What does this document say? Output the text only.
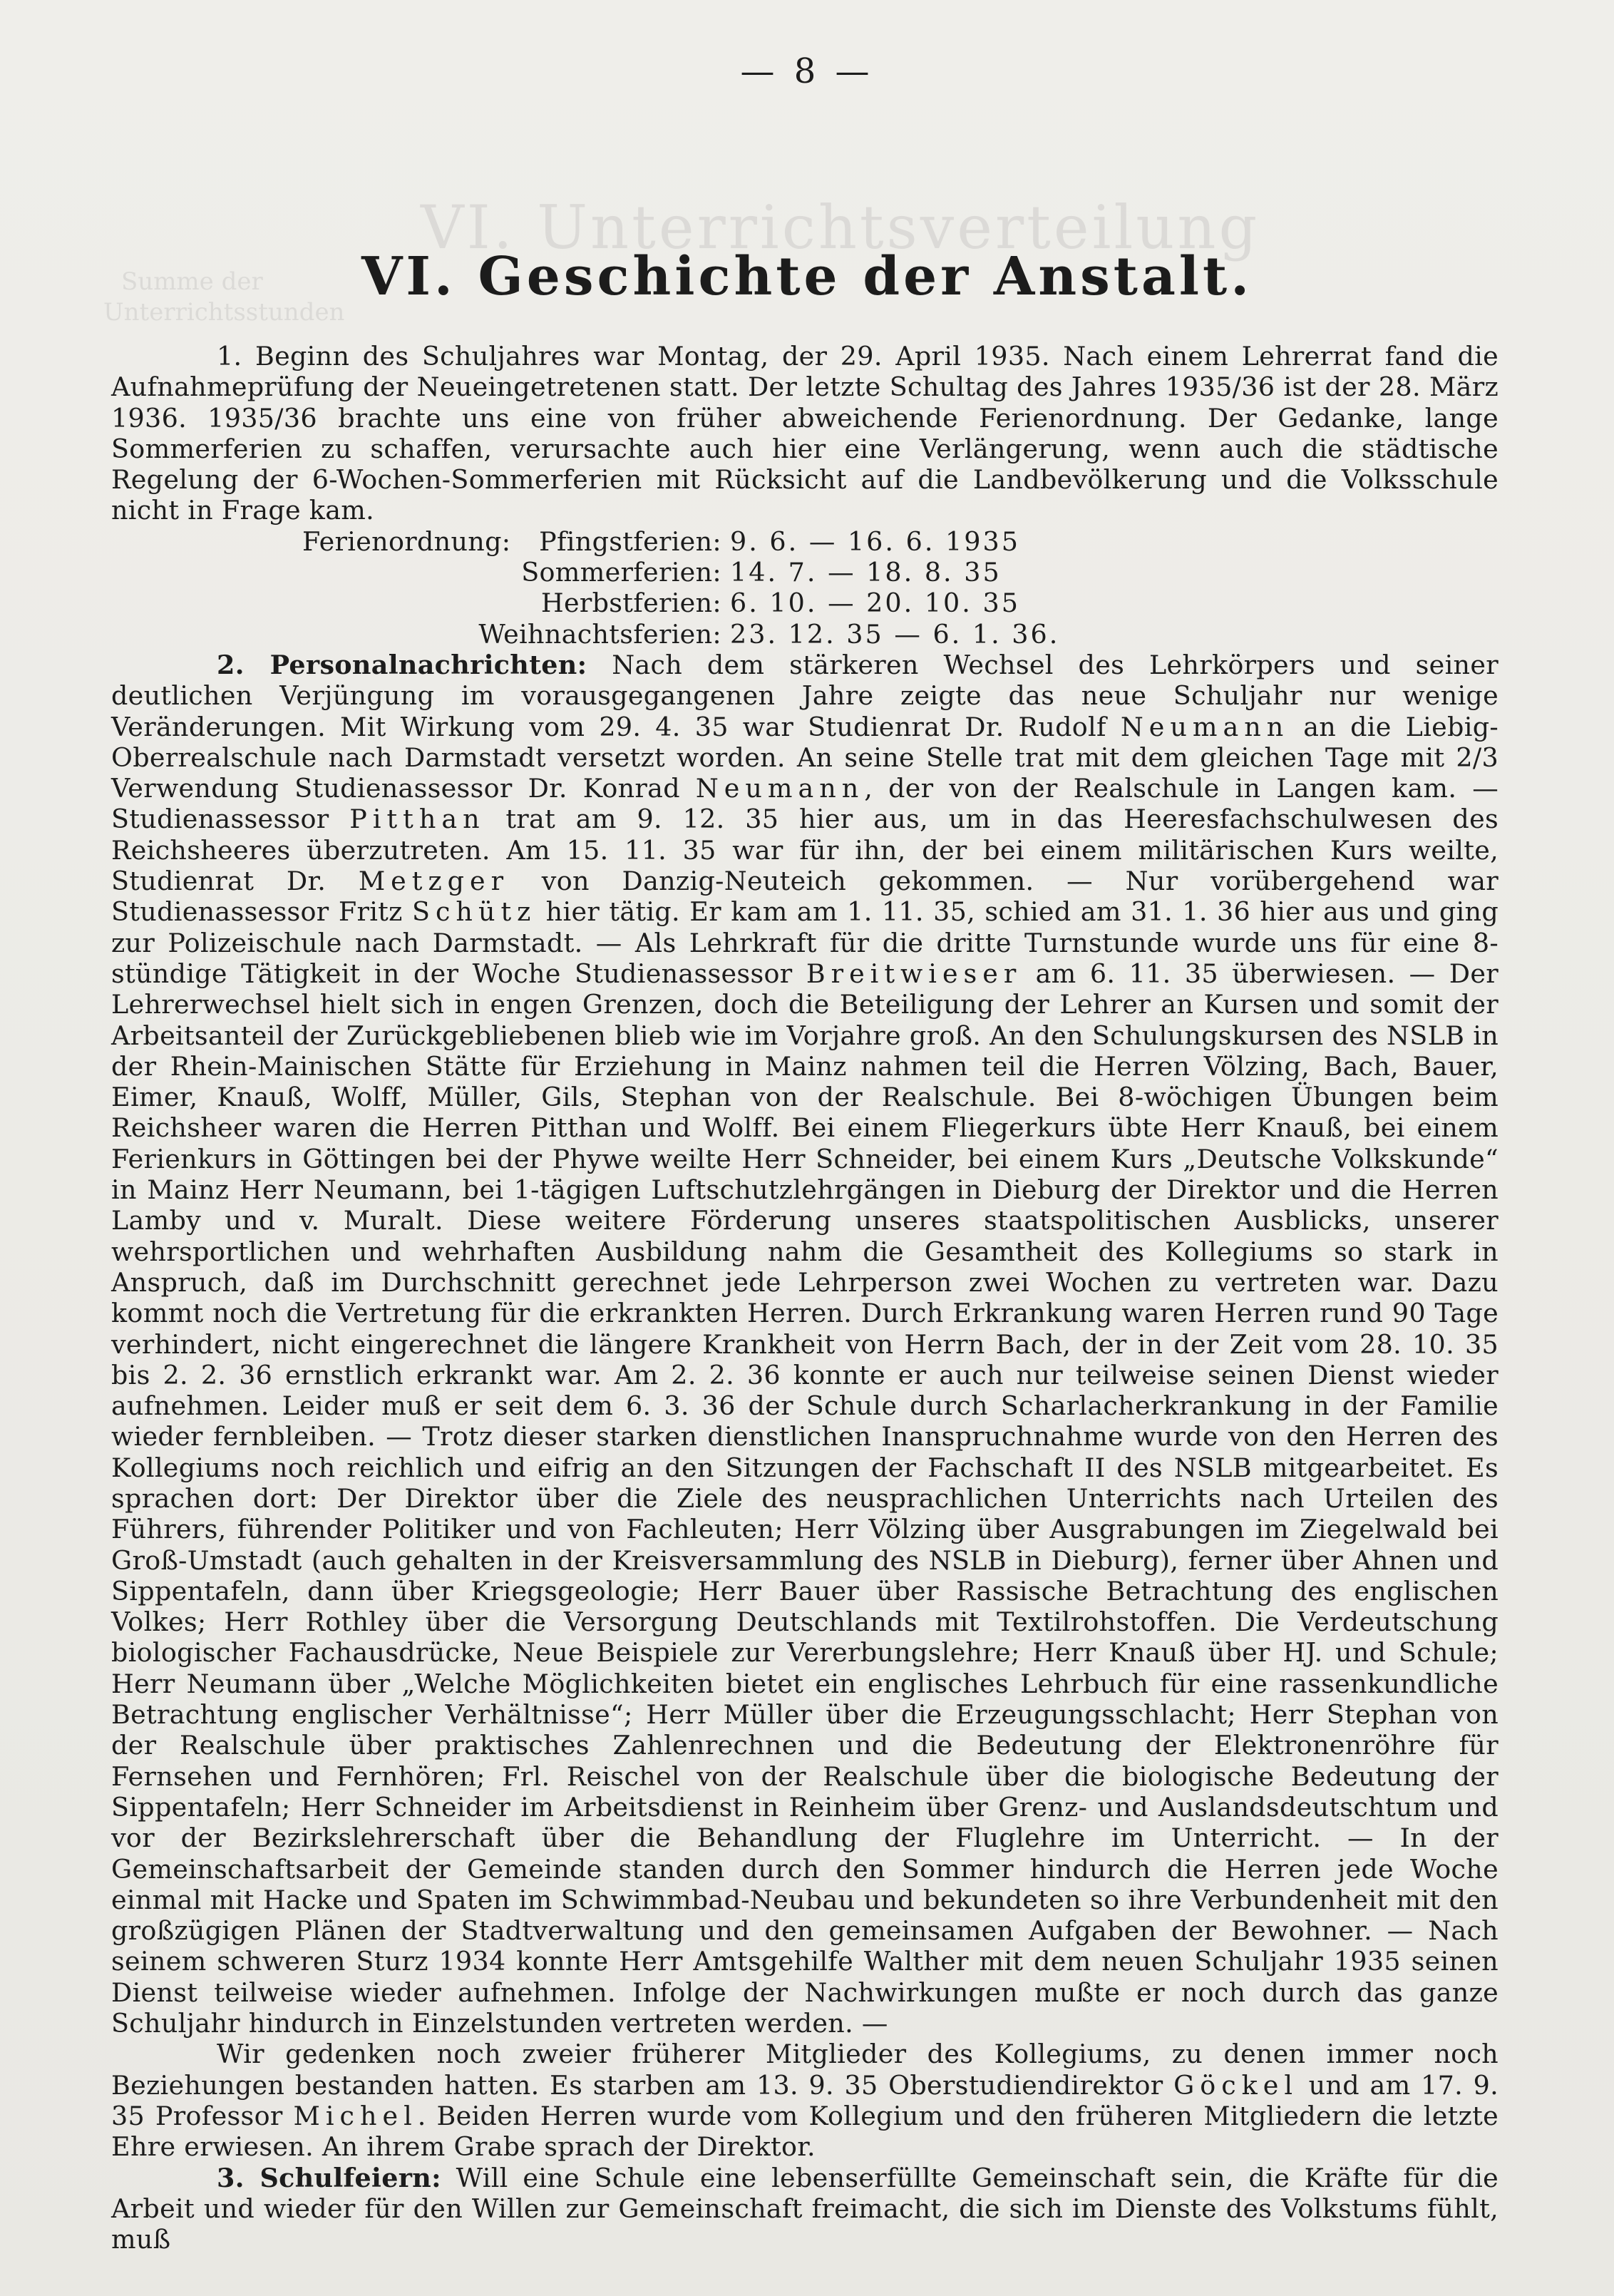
VI. Unterrichtsverteilung
Summe der
Unterrichtsstunden
— 8 —
VI. Geschichte der Anstalt.

1. Beginn des Schuljahres war Montag, der 29. April 1935. Nach einem Lehrerrat fand die Aufnahmeprüfung der Neueingetretenen statt. Der letzte Schultag des Jahres 1935/36 ist der 28. März 1936. 1935/36 brachte uns eine von früher abweichende Ferienordnung. Der Gedanke, lange Sommerferien zu schaffen, verursachte auch hier eine Verlängerung, wenn auch die städtische Regelung der 6-Wochen-Sommerferien mit Rücksicht auf die Landbevölkerung und die Volksschule nicht in Frage kam.

Ferienordnung:	Pfingstferien: 9. 6. — 16. 6. 1935
Sommerferien: 14. 7. — 18. 8. 35
Herbstferien: 6. 10. — 20. 10. 35
Weihnachtsferien: 23. 12. 35 — 6. 1. 36.

2. Personalnachrichten: Nach dem stärkeren Wechsel des Lehrkörpers und seiner deutlichen Verjüngung im vorausgegangenen Jahre zeigte das neue Schuljahr nur wenige Veränderungen. Mit Wirkung vom 29. 4. 35 war Studienrat Dr. Rudolf Neumann an die Liebig-Oberrealschule nach Darmstadt versetzt worden. An seine Stelle trat mit dem gleichen Tage mit 2/3 Verwendung Studienassessor Dr. Konrad Neumann, der von der Realschule in Langen kam. — Studienassessor Pitthan trat am 9. 12. 35 hier aus, um in das Heeresfachschulwesen des Reichsheeres überzutreten. Am 15. 11. 35 war für ihn, der bei einem militärischen Kurs weilte, Studienrat Dr. Metzger von Danzig-Neuteich gekommen. — Nur vorübergehend war Studienassessor Fritz Schütz hier tätig. Er kam am 1. 11. 35, schied am 31. 1. 36 hier aus und ging zur Polizeischule nach Darmstadt. — Als Lehrkraft für die dritte Turnstunde wurde uns für eine 8-stündige Tätigkeit in der Woche Studienassessor Breitwieser am 6. 11. 35 überwiesen. — Der Lehrerwechsel hielt sich in engen Grenzen, doch die Beteiligung der Lehrer an Kursen und somit der Arbeitsanteil der Zurückgebliebenen blieb wie im Vorjahre groß. An den Schulungskursen des NSLB in der Rhein-Mainischen Stätte für Erziehung in Mainz nahmen teil die Herren Völzing, Bach, Bauer, Eimer, Knauß, Wolff, Müller, Gils, Stephan von der Realschule. Bei 8-wöchigen Übungen beim Reichsheer waren die Herren Pitthan und Wolff. Bei einem Fliegerkurs übte Herr Knauß, bei einem Ferienkurs in Göttingen bei der Phywe weilte Herr Schneider, bei einem Kurs „Deutsche Volkskunde“ in Mainz Herr Neumann, bei 1-tägigen Luftschutzlehrgängen in Dieburg der Direktor und die Herren Lamby und v. Muralt. Diese weitere Förderung unseres staatspolitischen Ausblicks, unserer wehrsportlichen und wehrhaften Ausbildung nahm die Gesamtheit des Kollegiums so stark in Anspruch, daß im Durchschnitt gerechnet jede Lehrperson zwei Wochen zu vertreten war. Dazu kommt noch die Vertretung für die erkrankten Herren. Durch Erkrankung waren Herren rund 90 Tage verhindert, nicht eingerechnet die längere Krankheit von Herrn Bach, der in der Zeit vom 28. 10. 35 bis 2. 2. 36 ernstlich erkrankt war. Am 2. 2. 36 konnte er auch nur teilweise seinen Dienst wieder aufnehmen. Leider muß er seit dem 6. 3. 36 der Schule durch Scharlacherkrankung in der Familie wieder fernbleiben. — Trotz dieser starken dienstlichen Inanspruchnahme wurde von den Herren des Kollegiums noch reichlich und eifrig an den Sitzungen der Fachschaft II des NSLB mitgearbeitet. Es sprachen dort: Der Direktor über die Ziele des neusprachlichen Unterrichts nach Urteilen des Führers, führender Politiker und von Fachleuten; Herr Völzing über Ausgrabungen im Ziegelwald bei Groß-Umstadt (auch gehalten in der Kreisversammlung des NSLB in Dieburg), ferner über Ahnen und Sippentafeln, dann über Kriegsgeologie; Herr Bauer über Rassische Betrachtung des englischen Volkes; Herr Rothley über die Versorgung Deutschlands mit Textilrohstoffen. Die Verdeutschung biologischer Fachausdrücke, Neue Beispiele zur Vererbungslehre; Herr Knauß über HJ. und Schule; Herr Neumann über „Welche Möglichkeiten bietet ein englisches Lehrbuch für eine rassenkundliche Betrachtung englischer Verhältnisse“; Herr Müller über die Erzeugungsschlacht; Herr Stephan von der Realschule über praktisches Zahlenrechnen und die Bedeutung der Elektronenröhre für Fernsehen und Fernhören; Frl. Reischel von der Realschule über die biologische Bedeutung der Sippentafeln; Herr Schneider im Arbeitsdienst in Reinheim über Grenz- und Auslandsdeutschtum und vor der Bezirkslehrerschaft über die Behandlung der Fluglehre im Unterricht. — In der Gemeinschaftsarbeit der Gemeinde standen durch den Sommer hindurch die Herren jede Woche einmal mit Hacke und Spaten im Schwimmbad-Neubau und bekundeten so ihre Verbundenheit mit den großzügigen Plänen der Stadtverwaltung und den gemeinsamen Aufgaben der Bewohner. — Nach seinem schweren Sturz 1934 konnte Herr Amtsgehilfe Walther mit dem neuen Schuljahr 1935 seinen Dienst teilweise wieder aufnehmen. Infolge der Nachwirkungen mußte er noch durch das ganze Schuljahr hindurch in Einzelstunden vertreten werden. —

Wir gedenken noch zweier früherer Mitglieder des Kollegiums, zu denen immer noch Beziehungen bestanden hatten. Es starben am 13. 9. 35 Oberstudiendirektor Göckel und am 17. 9. 35 Professor Michel. Beiden Herren wurde vom Kollegium und den früheren Mitgliedern die letzte Ehre erwiesen. An ihrem Grabe sprach der Direktor.

3. Schulfeiern: Will eine Schule eine lebenserfüllte Gemeinschaft sein, die Kräfte für die Arbeit und wieder für den Willen zur Gemeinschaft freimacht, die sich im Dienste des Volkstums fühlt, muß
